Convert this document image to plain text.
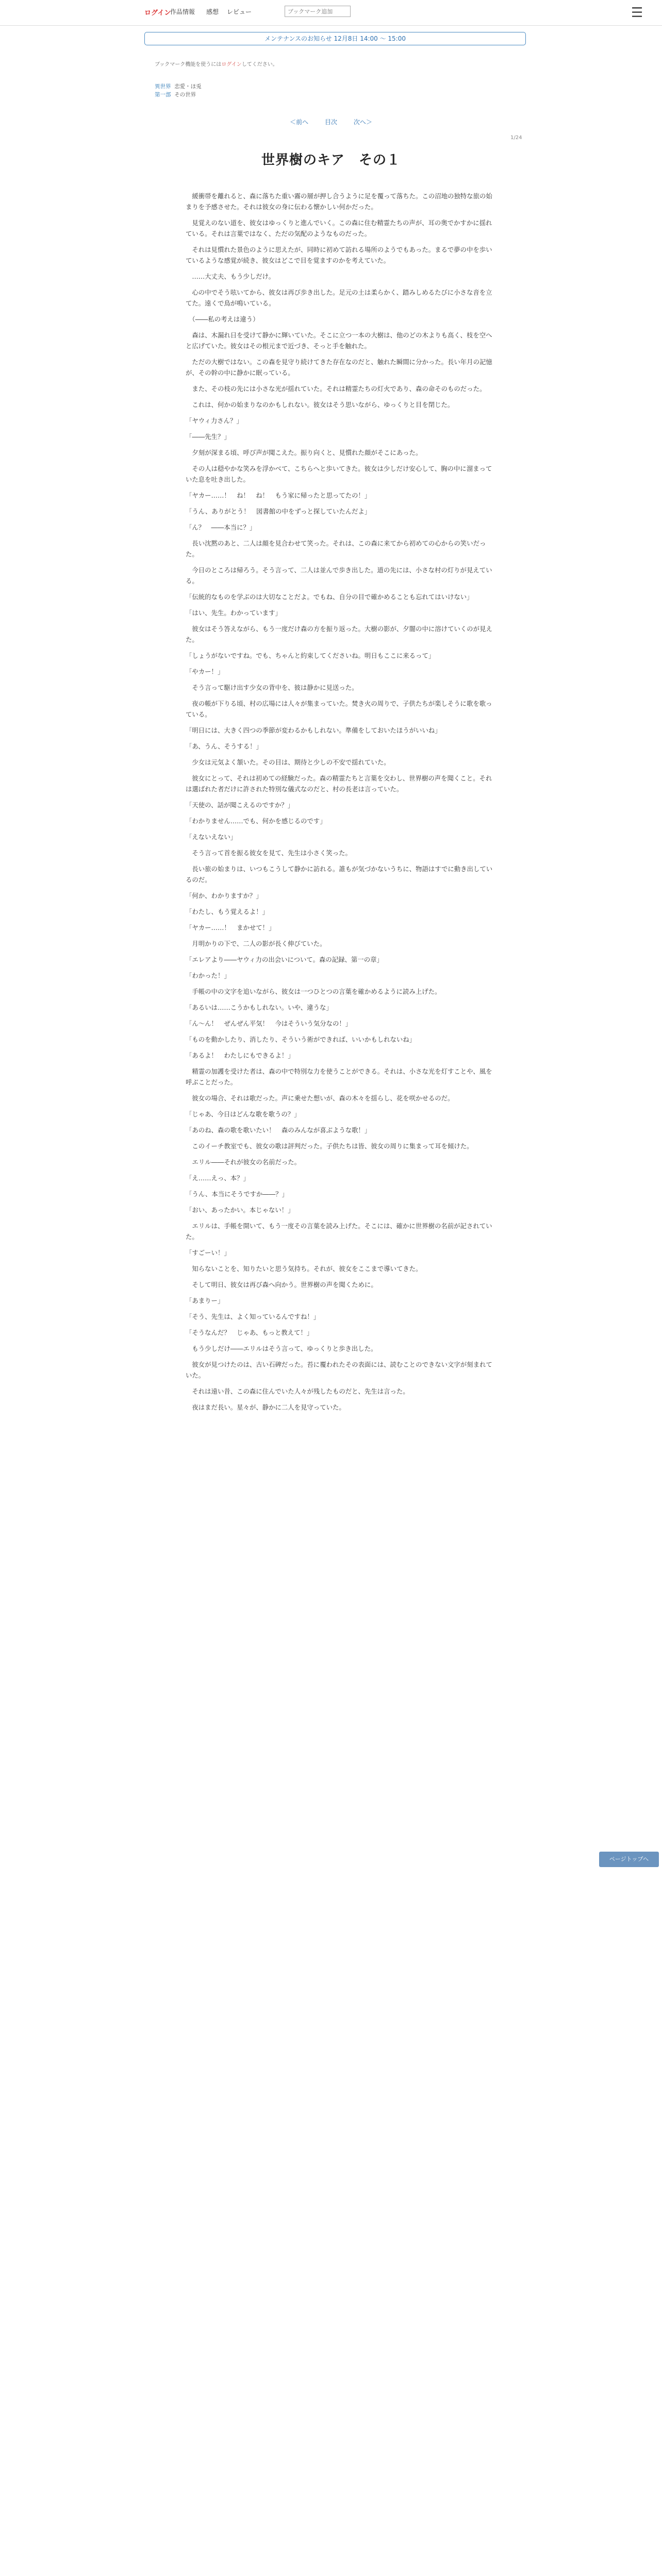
ログイン
作品情報 感想 レビュー
ブックマーク追加	☰
メンテナンスのお知らせ 12月8日 14:00 ～ 15:00
ブックマーク機能を使うにはログインしてください。
異世界 恋愛・ほ兎
第一部 その世界
＜前へ	目次	次へ＞
1/24
世界樹のキア　その１

　緩衝帯を離れると、森に落ちた重い霧の層が押し合うように足を覆って落ちた。この沼地の独特な旅の始まりを予感させた。それは彼女の身に伝わる懐かしい何かだった。

　見覚えのない道を、彼女はゆっくりと進んでいく。この森に住む精霊たちの声が、耳の奥でかすかに揺れている。それは言葉ではなく、ただの気配のようなものだった。

　それは見慣れた景色のように思えたが、同時に初めて訪れる場所のようでもあった。まるで夢の中を歩いているような感覚が続き、彼女はどこで目を覚ますのかを考えていた。

　……大丈夫、もう少しだけ。

　心の中でそう呟いてから、彼女は再び歩き出した。足元の土は柔らかく、踏みしめるたびに小さな音を立てた。遠くで鳥が鳴いている。

　（――私の考えは違う）

　森は、木漏れ日を受けて静かに輝いていた。そこに立つ一本の大樹は、他のどの木よりも高く、枝を空へと広げていた。彼女はその根元まで近づき、そっと手を触れた。

　ただの大樹ではない。この森を見守り続けてきた存在なのだと、触れた瞬間に分かった。長い年月の記憶が、その幹の中に静かに眠っている。

　また、その枝の先には小さな光が揺れていた。それは精霊たちの灯火であり、森の命そのものだった。

　これは、何かの始まりなのかもしれない。彼女はそう思いながら、ゆっくりと目を閉じた。

「ヤウィ力さん？」

「――先生？」

　夕刻が深まる頃、呼び声が聞こえた。振り向くと、見慣れた顔がそこにあった。

　その人は穏やかな笑みを浮かべて、こちらへと歩いてきた。彼女は少しだけ安心して、胸の中に溜まっていた息を吐き出した。

「ヤカー……！　ね！　ね！　もう家に帰ったと思ってたの！」

「うん、ありがとう！　図書館の中をずっと探していたんだよ」

「ん？　――本当に？」

　長い沈黙のあと、二人は顔を見合わせて笑った。それは、この森に来てから初めての心からの笑いだった。

　今日のところは帰ろう。そう言って、二人は並んで歩き出した。道の先には、小さな村の灯りが見えている。

「伝統的なものを学ぶのは大切なことだよ。でもね、自分の目で確かめることも忘れてはいけない」

「はい、先生。わかっています」

　彼女はそう答えながら、もう一度だけ森の方を振り返った。大樹の影が、夕闇の中に溶けていくのが見えた。

「しょうがないですね。でも、ちゃんと約束してくださいね。明日もここに来るって」

「やカー！」

　そう言って駆け出す少女の背中を、彼は静かに見送った。

　夜の帳が下りる頃、村の広場には人々が集まっていた。焚き火の周りで、子供たちが楽しそうに歌を歌っている。

「明日には、大きく四つの季節が変わるかもしれない。準備をしておいたほうがいいね」

「あ、うん、そうする！」

　少女は元気よく頷いた。その目は、期待と少しの不安で揺れていた。

　彼女にとって、それは初めての経験だった。森の精霊たちと言葉を交わし、世界樹の声を聞くこと。それは選ばれた者だけに許された特別な儀式なのだと、村の長老は言っていた。

「天使の、話が聞こえるのですか？」

「わかりません……でも、何かを感じるのです」

「えないえない」

　そう言って首を振る彼女を見て、先生は小さく笑った。

　長い旅の始まりは、いつもこうして静かに訪れる。誰もが気づかないうちに、物語はすでに動き出しているのだ。

「何か、わかりますか？」

「わたし、もう覚えるよ！」

「ヤカー……！　まかせて！」

　月明かりの下で、二人の影が長く伸びていた。

「エレアより――ヤウィ力の出会いについて。森の記録、第一の章」

「わかった！」

　手帳の中の文字を追いながら、彼女は一つひとつの言葉を確かめるように読み上げた。

「あるいは……こうかもしれない。いや、違うな」

「ん～ん！　ぜんぜん平気！　今はそういう気分なの！」

「ものを動かしたり、消したり、そういう術ができれば、いいかもしれないね」

「あるよ！　わたしにもできるよ！」

　精霊の加護を受けた者は、森の中で特別な力を使うことができる。それは、小さな光を灯すことや、風を呼ぶことだった。

　彼女の場合、それは歌だった。声に乗せた想いが、森の木々を揺らし、花を咲かせるのだ。

「じゃあ、今日はどんな歌を歌うの？」

「あのね、森の歌を歌いたい！　森のみんなが喜ぶような歌！」

　このイーチ教室でも、彼女の歌は評判だった。子供たちは皆、彼女の周りに集まって耳を傾けた。

　エリル――それが彼女の名前だった。

「え……えっ、本？」

「うん、本当にそうですか――？」

「おい、あったかい。本じゃない！」

　エリルは、手帳を開いて、もう一度その言葉を読み上げた。そこには、確かに世界樹の名前が記されていた。

「すごーい！」

　知らないことを、知りたいと思う気持ち。それが、彼女をここまで導いてきた。

　そして明日、彼女は再び森へ向かう。世界樹の声を聞くために。

「あまりー」

「そう、先生は、よく知っているんですね！」

「そうなんだ？　じゃあ、もっと教えて！」

　もう少しだけ――エリルはそう言って、ゆっくりと歩き出した。

　彼女が見つけたのは、古い石碑だった。苔に覆われたその表面には、読むことのできない文字が刻まれていた。

　それは遠い昔、この森に住んでいた人々が残したものだと、先生は言った。

　夜はまだ長い。星々が、静かに二人を見守っていた。

ページトップへ
